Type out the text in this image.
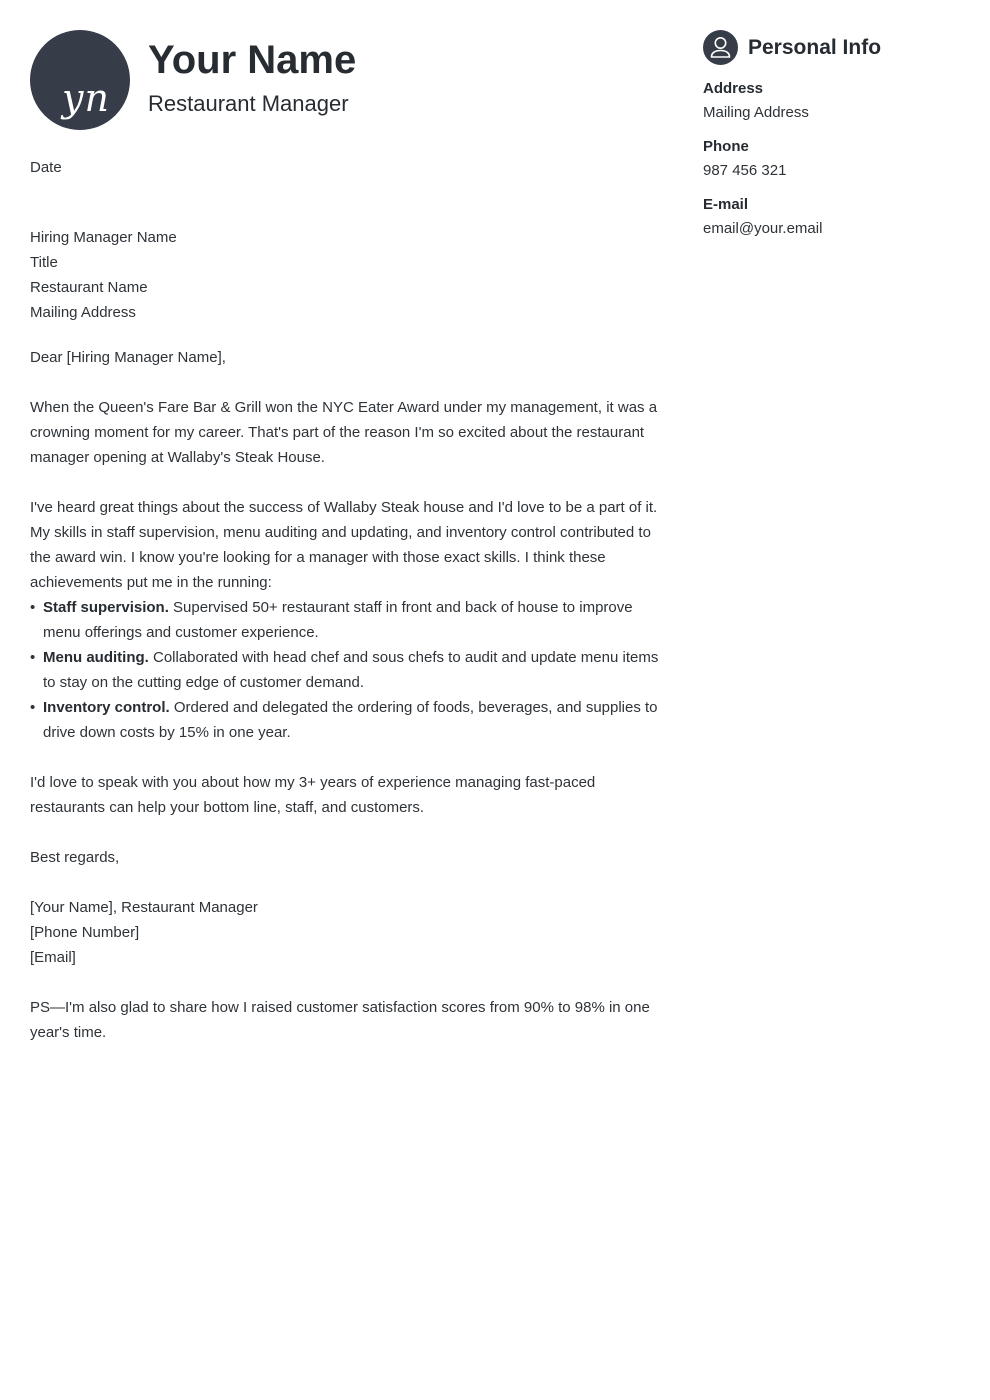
yn
Your Name
Restaurant Manager

Date

Hiring Manager Name
Title
Restaurant Name
Mailing Address

Dear [Hiring Manager Name],

When the Queen's Fare Bar & Grill won the NYC Eater Award under my management, it was a crowning moment for my career. That's part of the reason I'm so excited about the restaurant manager opening at Wallaby's Steak House.

I've heard great things about the success of Wallaby Steak house and I'd love to be a part of it. My skills in staff supervision, menu auditing and updating, and inventory control contributed to the award win. I know you're looking for a manager with those exact skills. I think these achievements put me in the running:

• Staff supervision. Supervised 50+ restaurant staff in front and back of house to improve menu offerings and customer experience.
• Menu auditing. Collaborated with head chef and sous chefs to audit and update menu items to stay on the cutting edge of customer demand.
• Inventory control. Ordered and delegated the ordering of foods, beverages, and supplies to drive down costs by 15% in one year.

I'd love to speak with you about how my 3+ years of experience managing fast-paced restaurants can help your bottom line, staff, and customers.

Best regards,

[Your Name], Restaurant Manager
[Phone Number]
[Email]

PS—I'm also glad to share how I raised customer satisfaction scores from 90% to 98% in one year's time.

Personal Info
Address
Mailing Address
Phone
987 456 321
E-mail
email@your.email
